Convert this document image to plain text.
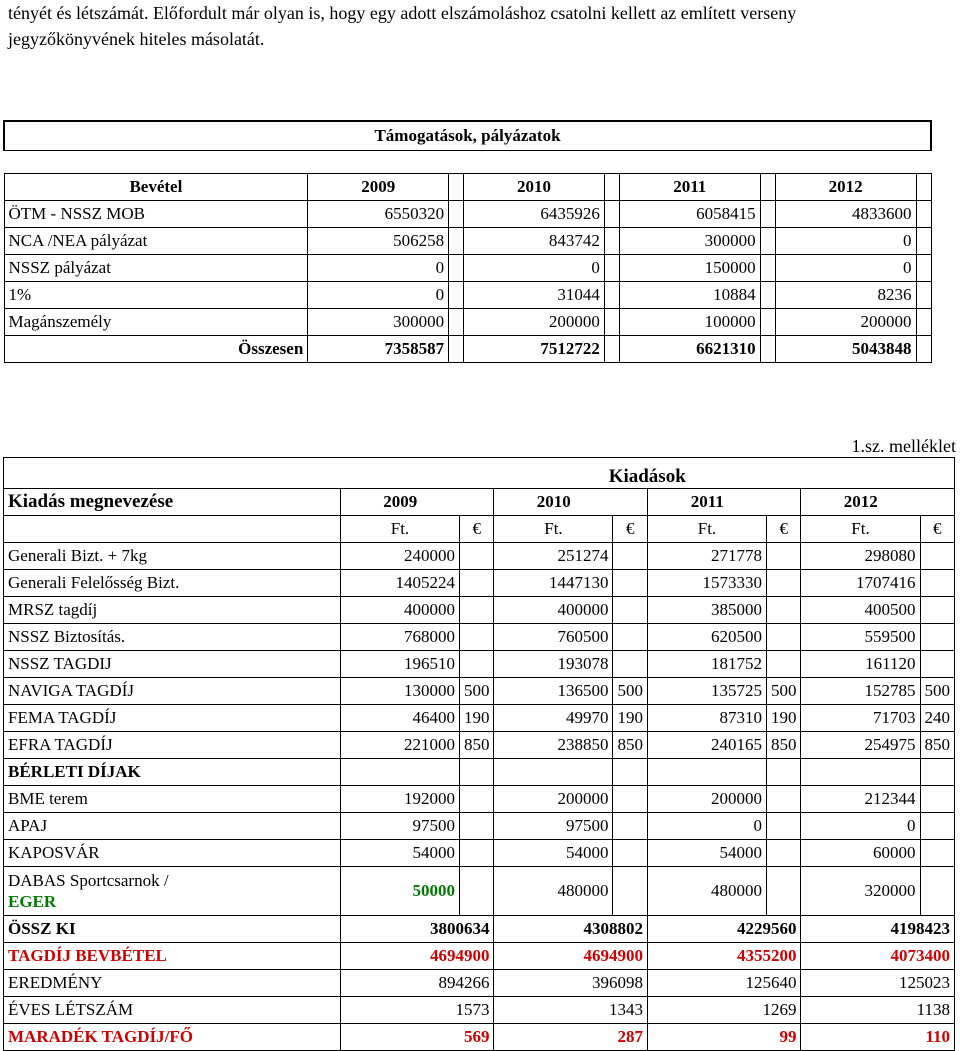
tényét és létszámát. Előfordult már olyan is, hogy egy adott elszámoláshoz csatolni kellett az említett verseny

jegyzőkönyvének hiteles másolatát.

Támogatások, pályázatok								

Bevétel	2009		2010		2011		2012	
ÖTM - NSSZ MOB	6550320		6435926		6058415		4833600	
NCA /NEA pályázat	506258		843742		300000		0	
NSSZ pályázat	0		0		150000		0	
1%	0		31044		10884		8236	
Magánszemély	300000		200000		100000		200000	
Összesen	7358587		7512722		6621310		5043848	
1.sz. melléklet
	Kiadások							
Kiadás megnevezése	2009		2010		2011		2012	
	Ft.	€	Ft.	€	Ft.	€	Ft.	€
Generali Bizt. + 7kg	240000		251274		271778		298080	
Generali Felelősség Bizt.	1405224		1447130		1573330		1707416	
MRSZ tagdíj	400000		400000		385000		400500	
NSSZ Biztosítás.	768000		760500		620500		559500	
NSSZ TAGDIJ	196510		193078		181752		161120	
NAVIGA TAGDÍJ	130000	500	136500	500	135725	500	152785	500
FEMA TAGDÍJ	46400	190	49970	190	87310	190	71703	240
EFRA TAGDÍJ	221000	850	238850	850	240165	850	254975	850
BÉRLETI DÍJAK								
BME terem	192000		200000		200000		212344	
APAJ	97500		97500		0		0	
KAPOSVÁR	54000		54000		54000		60000	

DABAS Sportcsarnok /
EGER	50000		480000		480000		320000	
ÖSSZ KI	3800634		4308802		4229560		4198423	
TAGDÍJ BEVBÉTEL	4694900		4694900		4355200		4073400	
EREDMÉNY	894266		396098		125640		125023	
ÉVES LÉTSZÁM	1573		1343		1269		1138	
MARADÉK TAGDÍJ/FŐ	569		287		99		110	
